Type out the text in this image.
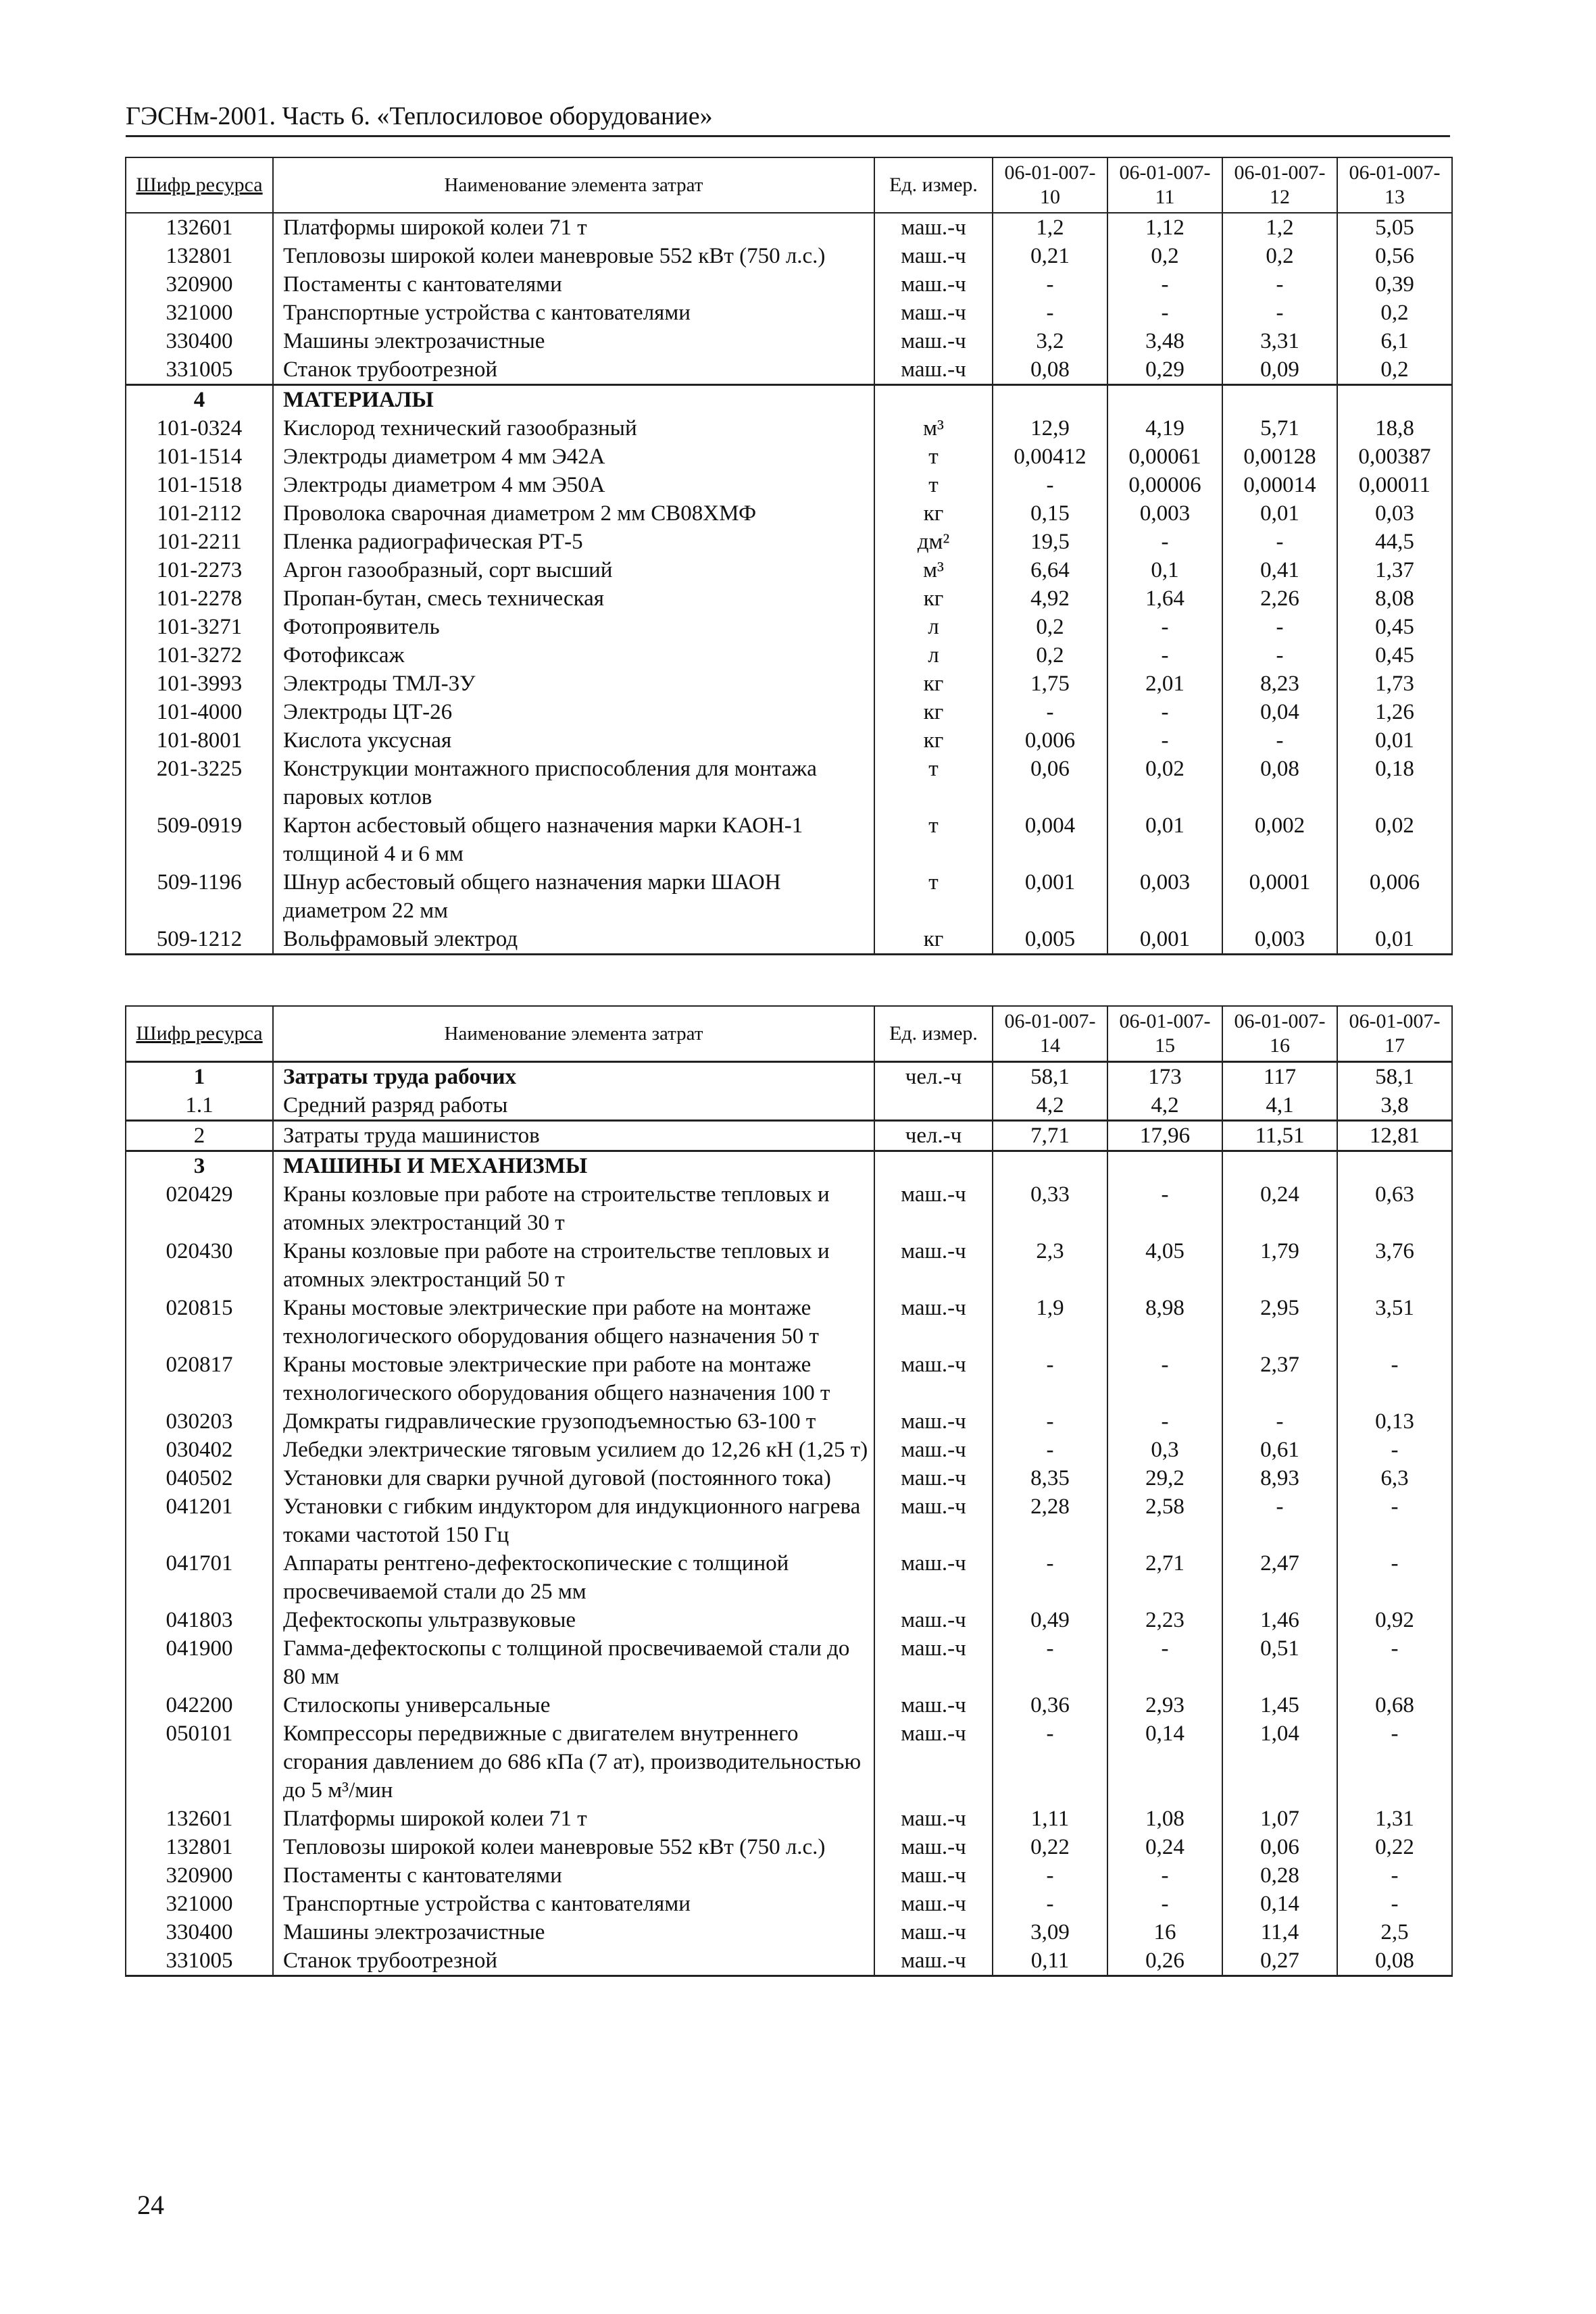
ГЭСНм-2001. Часть 6. «Теплосиловое оборудование»
Шифр ресурса	Наименование элемента затрат	Ед. измер.	06-01-007-10	06-01-007-11	06-01-007-12	06-01-007-13
132601	Платформы широкой колеи 71 т	маш.-ч	1,2	1,12	1,2	5,05
132801	Тепловозы широкой колеи маневровые 552 кВт (750 л.с.)	маш.-ч	0,21	0,2	0,2	0,56
320900	Постаменты с кантователями	маш.-ч	-	-	-	0,39
321000	Транспортные устройства с кантователями	маш.-ч	-	-	-	0,2
330400	Машины электрозачистные	маш.-ч	3,2	3,48	3,31	6,1
331005	Станок трубоотрезной	маш.-ч	0,08	0,29	0,09	0,2
4	МАТЕРИАЛЫ					
101-0324	Кислород технический газообразный	м³	12,9	4,19	5,71	18,8
101-1514	Электроды диаметром 4 мм Э42А	т	0,00412	0,00061	0,00128	0,00387
101-1518	Электроды диаметром 4 мм Э50А	т	-	0,00006	0,00014	0,00011
101-2112	Проволока сварочная диаметром 2 мм СВ08ХМФ	кг	0,15	0,003	0,01	0,03
101-2211	Пленка радиографическая РТ-5	дм²	19,5	-	-	44,5
101-2273	Аргон газообразный, сорт высший	м³	6,64	0,1	0,41	1,37
101-2278	Пропан-бутан, смесь техническая	кг	4,92	1,64	2,26	8,08
101-3271	Фотопроявитель	л	0,2	-	-	0,45
101-3272	Фотофиксаж	л	0,2	-	-	0,45
101-3993	Электроды ТМЛ-3У	кг	1,75	2,01	8,23	1,73
101-4000	Электроды ЦТ-26	кг	-	-	0,04	1,26
101-8001	Кислота уксусная	кг	0,006	-	-	0,01
201-3225	Конструкции монтажного приспособления для монтажа паровых котлов	т	0,06	0,02	0,08	0,18
509-0919	Картон асбестовый общего назначения марки КАОН-1 толщиной 4 и 6 мм	т	0,004	0,01	0,002	0,02
509-1196	Шнур асбестовый общего назначения марки ШАОН диаметром 22 мм	т	0,001	0,003	0,0001	0,006
509-1212	Вольфрамовый электрод	кг	0,005	0,001	0,003	0,01
Шифр ресурса	Наименование элемента затрат	Ед. измер.	06-01-007-14	06-01-007-15	06-01-007-16	06-01-007-17
1	Затраты труда рабочих	чел.-ч	58,1	173	117	58,1
1.1	Средний разряд работы		4,2	4,2	4,1	3,8
2	Затраты труда машинистов	чел.-ч	7,71	17,96	11,51	12,81
3	МАШИНЫ И МЕХАНИЗМЫ					
020429	Краны козловые при работе на строительстве тепловых и атомных электростанций 30 т	маш.-ч	0,33	-	0,24	0,63
020430	Краны козловые при работе на строительстве тепловых и атомных электростанций 50 т	маш.-ч	2,3	4,05	1,79	3,76
020815	Краны мостовые электрические при работе на монтаже технологического оборудования общего назначения 50 т	маш.-ч	1,9	8,98	2,95	3,51
020817	Краны мостовые электрические при работе на монтаже технологического оборудования общего назначения 100 т	маш.-ч	-	-	2,37	-
030203	Домкраты гидравлические грузоподъемностью 63-100 т	маш.-ч	-	-	-	0,13
030402	Лебедки электрические тяговым усилием до 12,26 кН (1,25 т)	маш.-ч	-	0,3	0,61	-
040502	Установки для сварки ручной дуговой (постоянного тока)	маш.-ч	8,35	29,2	8,93	6,3
041201	Установки с гибким индуктором для индукционного нагрева токами частотой 150 Гц	маш.-ч	2,28	2,58	-	-
041701	Аппараты рентгено-дефектоскопические с толщиной просвечиваемой стали до 25 мм	маш.-ч	-	2,71	2,47	-
041803	Дефектоскопы ультразвуковые	маш.-ч	0,49	2,23	1,46	0,92
041900	Гамма-дефектоскопы с толщиной просвечиваемой стали до 80 мм	маш.-ч	-	-	0,51	-
042200	Стилоскопы универсальные	маш.-ч	0,36	2,93	1,45	0,68
050101	Компрессоры передвижные с двигателем внутреннего сгорания давлением до 686 кПа (7 ат), производительностью до 5 м³/мин	маш.-ч	-	0,14	1,04	-
132601	Платформы широкой колеи 71 т	маш.-ч	1,11	1,08	1,07	1,31
132801	Тепловозы широкой колеи маневровые 552 кВт (750 л.с.)	маш.-ч	0,22	0,24	0,06	0,22
320900	Постаменты с кантователями	маш.-ч	-	-	0,28	-
321000	Транспортные устройства с кантователями	маш.-ч	-	-	0,14	-
330400	Машины электрозачистные	маш.-ч	3,09	16	11,4	2,5
331005	Станок трубоотрезной	маш.-ч	0,11	0,26	0,27	0,08
24
